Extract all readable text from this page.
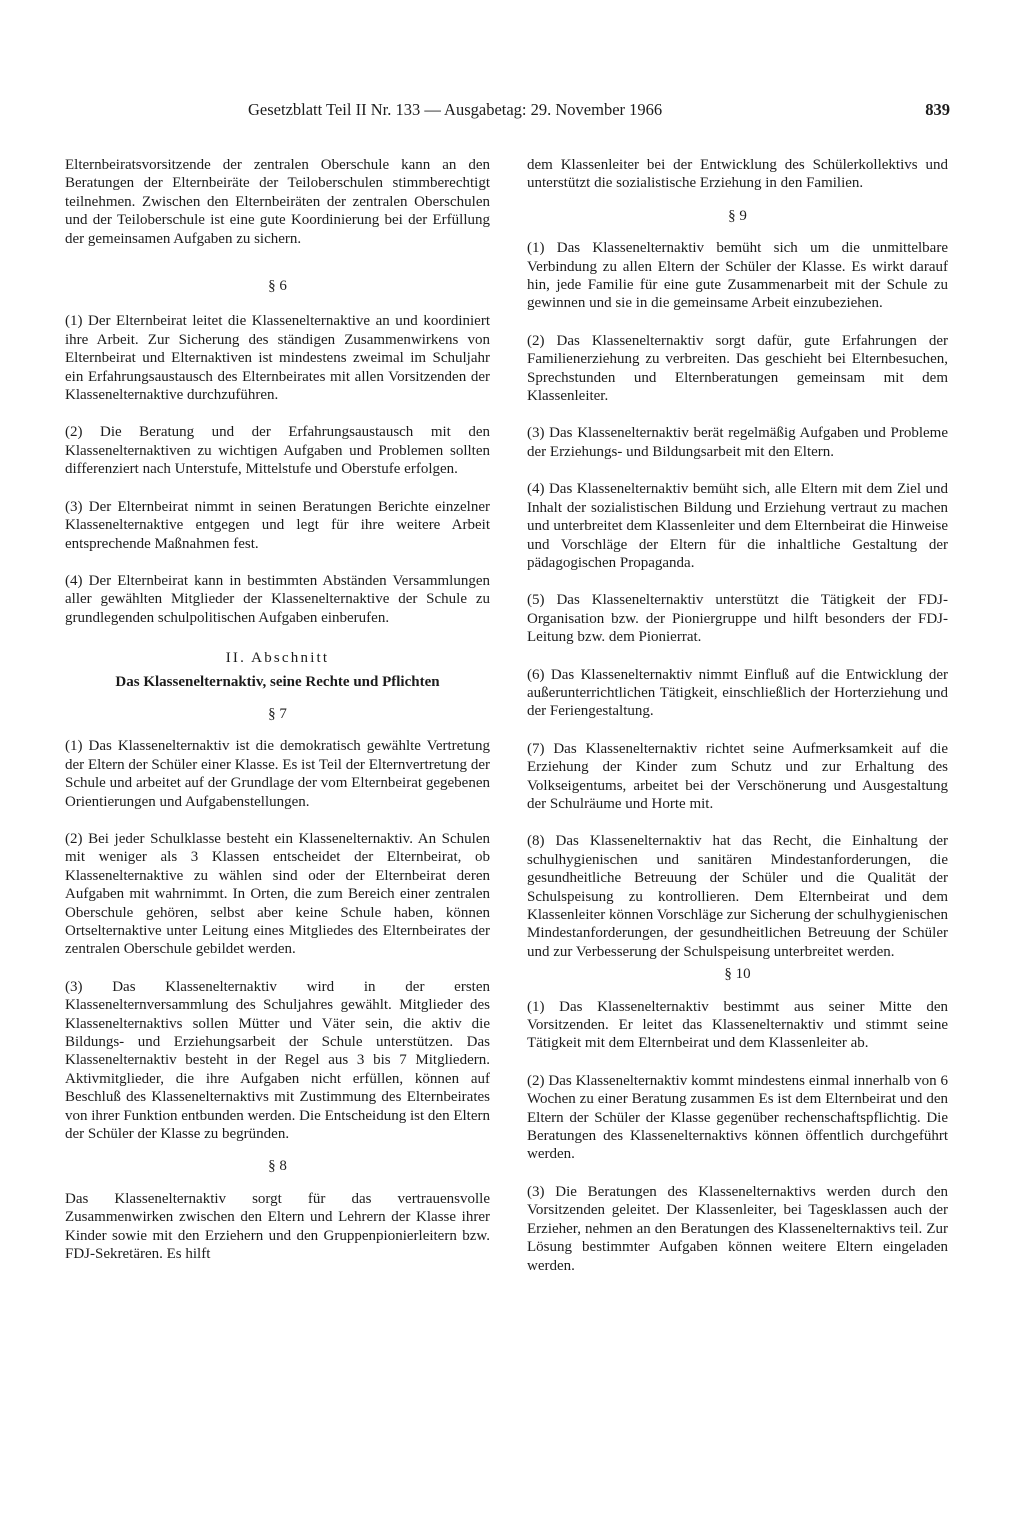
Gesetzblatt Teil II Nr. 133 — Ausgabetag: 29. November 1966	839

Elternbeiratsvorsitzende der zentralen Oberschule kann an den Beratungen der Elternbeiräte der Teiloberschulen stimmberechtigt teilnehmen. Zwischen den Elternbeiräten der zentralen Oberschulen und der Teiloberschule ist eine gute Koordinierung bei der Erfüllung der gemeinsamen Aufgaben zu sichern.

§ 6

(1) Der Elternbeirat leitet die Klassenelternaktive an und koordiniert ihre Arbeit. Zur Sicherung des ständigen Zusammenwirkens von Elternbeirat und Elternaktiven ist mindestens zweimal im Schuljahr ein Erfahrungsaustausch des Elternbeirates mit allen Vorsitzenden der Klassenelternaktive durchzuführen.

(2) Die Beratung und der Erfahrungsaustausch mit den Klassenelternaktiven zu wichtigen Aufgaben und Problemen sollten differenziert nach Unterstufe, Mittelstufe und Oberstufe erfolgen.

(3) Der Elternbeirat nimmt in seinen Beratungen Berichte einzelner Klassenelternaktive entgegen und legt für ihre weitere Arbeit entsprechende Maßnahmen fest.

(4) Der Elternbeirat kann in bestimmten Abständen Versammlungen aller gewählten Mitglieder der Klassenelternaktive der Schule zu grundlegenden schulpolitischen Aufgaben einberufen.

II. Abschnitt

Das Klassenelternaktiv, seine Rechte und Pflichten

§ 7

(1) Das Klassenelternaktiv ist die demokratisch gewählte Vertretung der Eltern der Schüler einer Klasse. Es ist Teil der Elternvertretung der Schule und arbeitet auf der Grundlage der vom Elternbeirat gegebenen Orientierungen und Aufgabenstellungen.

(2) Bei jeder Schulklasse besteht ein Klassenelternaktiv. An Schulen mit weniger als 3 Klassen entscheidet der Elternbeirat, ob Klassenelternaktive zu wählen sind oder der Elternbeirat deren Aufgaben mit wahrnimmt. In Orten, die zum Bereich einer zentralen Oberschule gehören, selbst aber keine Schule haben, können Ortselternaktive unter Leitung eines Mitgliedes des Elternbeirates der zentralen Oberschule gebildet werden.

(3) Das Klassenelternaktiv wird in der ersten Klassenelternversammlung des Schuljahres gewählt. Mitglieder des Klassenelternaktivs sollen Mütter und Väter sein, die aktiv die Bildungs- und Erziehungsarbeit der Schule unterstützen. Das Klassenelternaktiv besteht in der Regel aus 3 bis 7 Mitgliedern. Aktivmitglieder, die ihre Aufgaben nicht erfüllen, können auf Beschluß des Klassenelternaktivs mit Zustimmung des Elternbeirates von ihrer Funktion entbunden werden. Die Entscheidung ist den Eltern der Schüler der Klasse zu begründen.

§ 8

Das Klassenelternaktiv sorgt für das vertrauensvolle Zusammenwirken zwischen den Eltern und Lehrern der Klasse ihrer Kinder sowie mit den Erziehern und den Gruppenpionierleitern bzw. FDJ-Sekretären. Es hilft

dem Klassenleiter bei der Entwicklung des Schülerkollektivs und unterstützt die sozialistische Erziehung in den Familien.

§ 9

(1) Das Klassenelternaktiv bemüht sich um die unmittelbare Verbindung zu allen Eltern der Schüler der Klasse. Es wirkt darauf hin, jede Familie für eine gute Zusammenarbeit mit der Schule zu gewinnen und sie in die gemeinsame Arbeit einzubeziehen.

(2) Das Klassenelternaktiv sorgt dafür, gute Erfahrungen der Familienerziehung zu verbreiten. Das geschieht bei Elternbesuchen, Sprechstunden und Elternberatungen gemeinsam mit dem Klassenleiter.

(3) Das Klassenelternaktiv berät regelmäßig Aufgaben und Probleme der Erziehungs- und Bildungsarbeit mit den Eltern.

(4) Das Klassenelternaktiv bemüht sich, alle Eltern mit dem Ziel und Inhalt der sozialistischen Bildung und Erziehung vertraut zu machen und unterbreitet dem Klassenleiter und dem Elternbeirat die Hinweise und Vorschläge der Eltern für die inhaltliche Gestaltung der pädagogischen Propaganda.

(5) Das Klassenelternaktiv unterstützt die Tätigkeit der FDJ-Organisation bzw. der Pioniergruppe und hilft besonders der FDJ-Leitung bzw. dem Pionierrat.

(6) Das Klassenelternaktiv nimmt Einfluß auf die Entwicklung der außerunterrichtlichen Tätigkeit, einschließlich der Horterziehung und der Feriengestaltung.

(7) Das Klassenelternaktiv richtet seine Aufmerksamkeit auf die Erziehung der Kinder zum Schutz und zur Erhaltung des Volkseigentums, arbeitet bei der Verschönerung und Ausgestaltung der Schulräume und Horte mit.

(8) Das Klassenelternaktiv hat das Recht, die Einhaltung der schulhygienischen und sanitären Mindestanforderungen, die gesundheitliche Betreuung der Schüler und die Qualität der Schulspeisung zu kontrollieren. Dem Elternbeirat und dem Klassenleiter können Vorschläge zur Sicherung der schulhygienischen Mindestanforderungen, der gesundheitlichen Betreuung der Schüler und zur Verbesserung der Schulspeisung unterbreitet werden.

§ 10

(1) Das Klassenelternaktiv bestimmt aus seiner Mitte den Vorsitzenden. Er leitet das Klassenelternaktiv und stimmt seine Tätigkeit mit dem Elternbeirat und dem Klassenleiter ab.

(2) Das Klassenelternaktiv kommt mindestens einmal innerhalb von 6 Wochen zu einer Beratung zusammen Es ist dem Elternbeirat und den Eltern der Schüler der Klasse gegenüber rechenschaftspflichtig. Die Beratungen des Klassenelternaktivs können öffentlich durchgeführt werden.

(3) Die Beratungen des Klassenelternaktivs werden durch den Vorsitzenden geleitet. Der Klassenleiter, bei Tagesklassen auch der Erzieher, nehmen an den Beratungen des Klassenelternaktivs teil. Zur Lösung bestimmter Aufgaben können weitere Eltern eingeladen werden.
